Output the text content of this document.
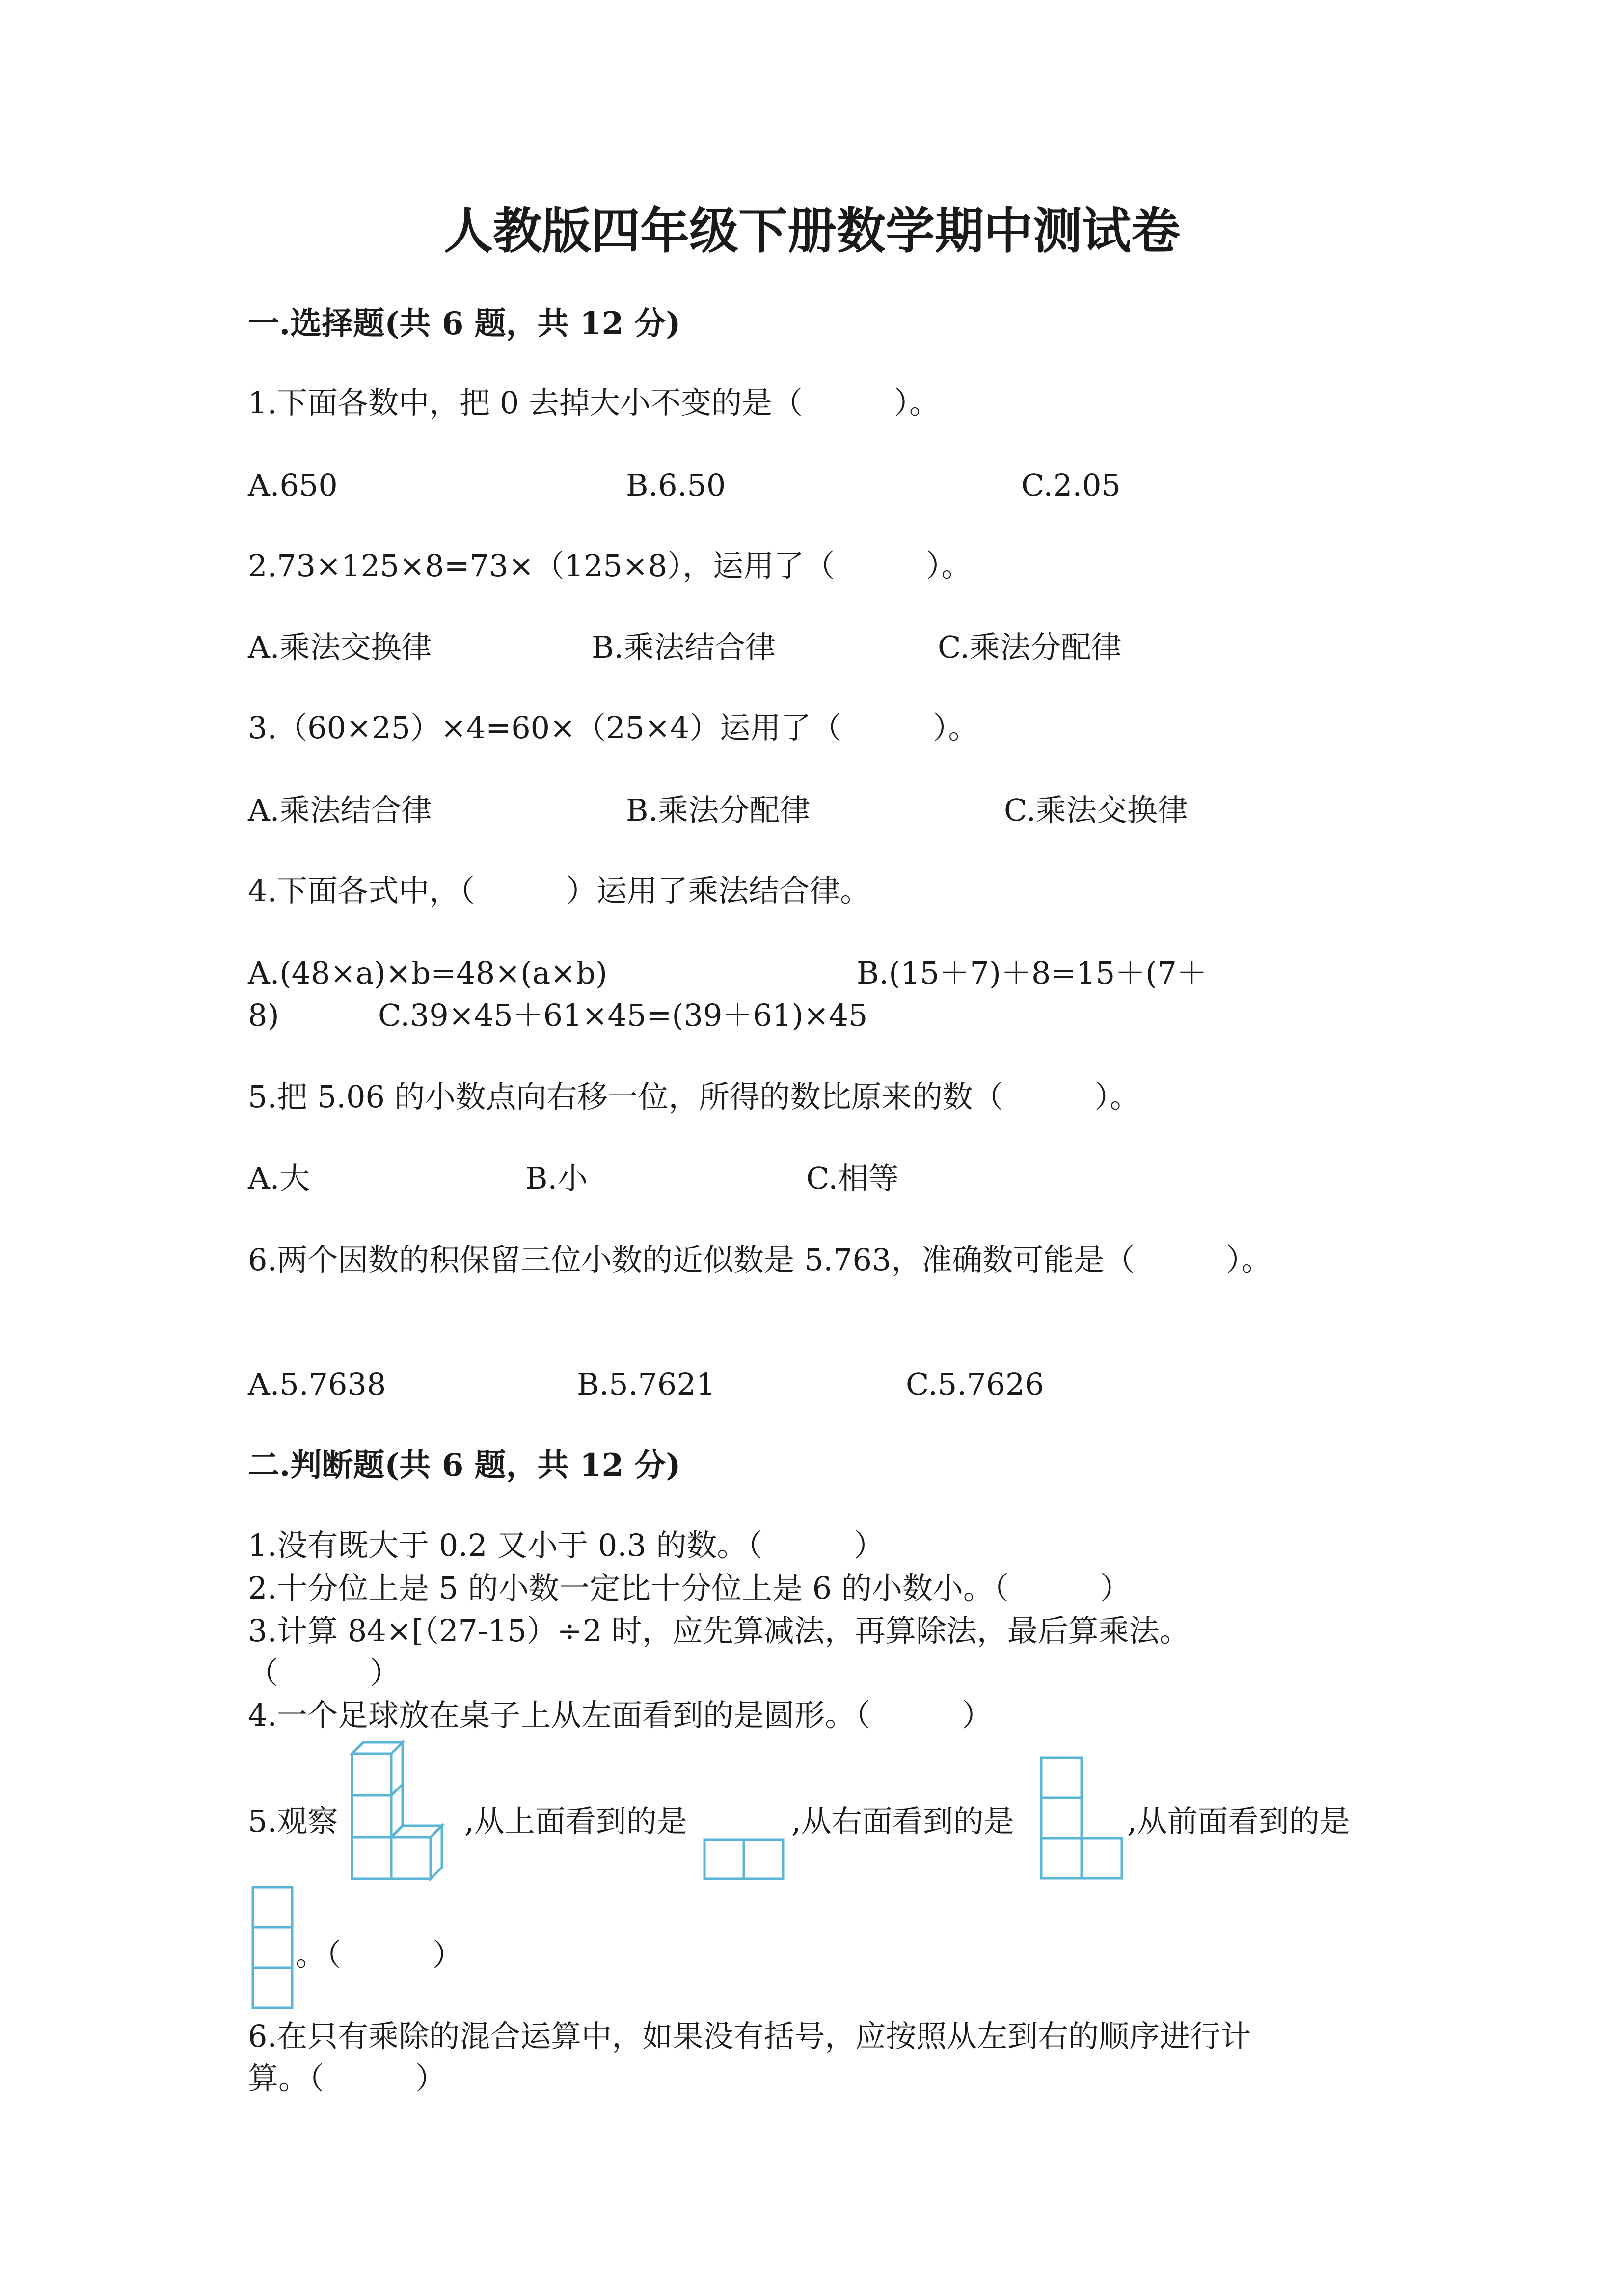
人教版四年级下册数学期中测试卷
一.选择题(共 6 题，共 12 分)
1.下面各数中，把 0 去掉大小不变的是（　　　）。
A.650	B.6.50	C.2.05
2.73×125×8=73×（125×8），运用了（　　　）。
A.乘法交换律	B.乘法结合律	C.乘法分配律
3.（60×25）×4=60×（25×4）运用了（　　　）。
A.乘法结合律	B.乘法分配律	C.乘法交换律
4.下面各式中，（　　　）运用了乘法结合律。
A.(48×a)×b=48×(a×b)	B.(15＋7)＋8=15＋(7＋
8)	C.39×45＋61×45=(39＋61)×45
5.把 5.06 的小数点向右移一位，所得的数比原来的数（　　　）。
A.大	B.小	C.相等
6.两个因数的积保留三位小数的近似数是 5.763，准确数可能是（　　　）。
A.5.7638	B.5.7621	C.5.7626
二.判断题(共 6 题，共 12 分)
1.没有既大于 0.2 又小于 0.3 的数。（　　　）
2.十分位上是 5 的小数一定比十分位上是 6 的小数小。（　　　）
3.计算 84×[（27-15）÷2 时，应先算减法，再算除法，最后算乘法。
（　　　）
4.一个足球放在桌子上从左面看到的是圆形。（　　　）
5.观察	,从上面看到的是	,从右面看到的是	,从前面看到的是
。（　　　）
6.在只有乘除的混合运算中，如果没有括号，应按照从左到右的顺序进行计
算。（　　　）
